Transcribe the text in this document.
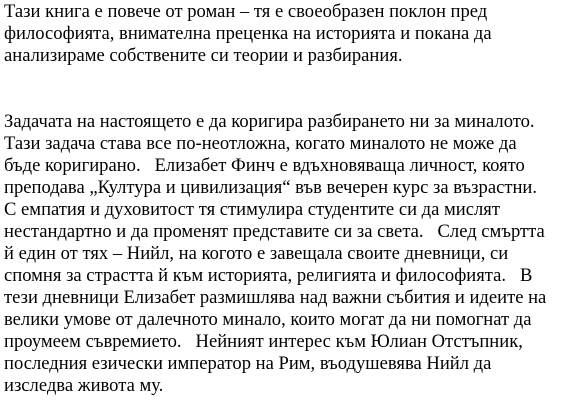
Тази книга е повече от роман – тя е своеобразен поклон пред

философията, внимателна преценка на историята и покана да

анализираме собствените си теории и разбирания.

Задачата на настоящето е да коригира разбирането ни за миналото.

Тази задача става все по-неотложна, когато миналото не може да

бъде коригирано.   Елизабет Финч е вдъхновяваща личност, която

преподава „Култура и цивилизация“ във вечерен курс за възрастни.

С емпатия и духовитост тя стимулира студентите си да мислят

нестандартно и да променят представите си за света.   След смъртта

й един от тях – Нийл, на когото е завещала своите дневници, си

спомня за страстта й към историята, религията и философията.   В

тези дневници Елизабет размишлява над важни събития и идеите на

велики умове от далечното минало, които могат да ни помогнат да

проумеем съвремието.   Нейният интерес към Юлиан Отстъпник,

последния езически император на Рим, въодушевява Нийл да

изследва живота му.
